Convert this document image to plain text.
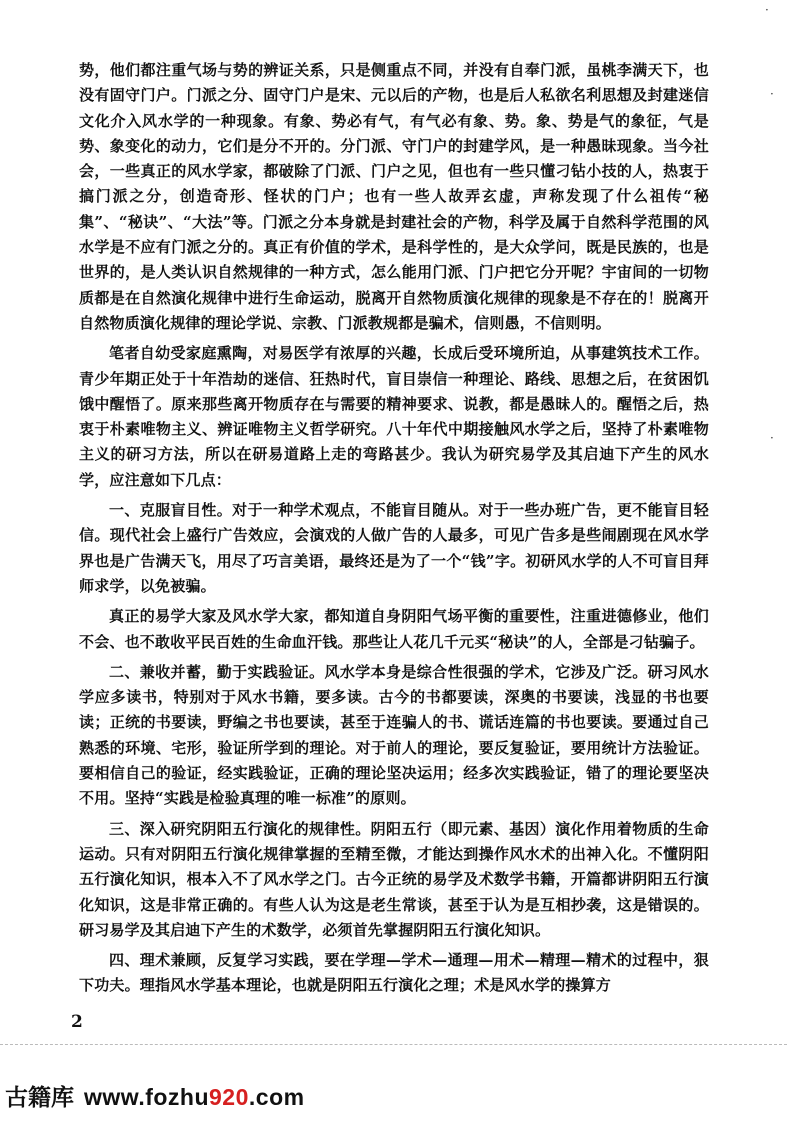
·
·
·

势，他们都注重气场与势的辨证关系，只是侧重点不同，并没有自奉门派，虽桃李满天下，也没有固守门户。门派之分、固守门户是宋、元以后的产物，也是后人私欲名利思想及封建迷信文化介入风水学的一种现象。有象、势必有气，有气必有象、势。象、势是气的象征，气是势、象变化的动力，它们是分不开的。分门派、守门户的封建学风，是一种愚昧现象。当今社会，一些真正的风水学家，都破除了门派、门户之见，但也有一些只懂刁钻小技的人，热衷于搞门派之分，创造奇形、怪状的门户；也有一些人故弄玄虚，声称发现了什么祖传“秘集”、“秘诀”、“大法”等。门派之分本身就是封建社会的产物，科学及属于自然科学范围的风水学是不应有门派之分的。真正有价值的学术，是科学性的，是大众学问，既是民族的，也是世界的，是人类认识自然规律的一种方式，怎么能用门派、门户把它分开呢？宇宙间的一切物质都是在自然演化规律中进行生命运动，脱离开自然物质演化规律的现象是不存在的！脱离开自然物质演化规律的理论学说、宗教、门派教规都是骗术，信则愚，不信则明。

笔者自幼受家庭熏陶，对易医学有浓厚的兴趣，长成后受环境所迫，从事建筑技术工作。青少年期正处于十年浩劫的迷信、狂热时代，盲目崇信一种理论、路线、思想之后，在贫困饥饿中醒悟了。原来那些离开物质存在与需要的精神要求、说教，都是愚昧人的。醒悟之后，热衷于朴素唯物主义、辨证唯物主义哲学研究。八十年代中期接触风水学之后，坚持了朴素唯物主义的研习方法，所以在研易道路上走的弯路甚少。我认为研究易学及其启迪下产生的风水学，应注意如下几点：

一、克服盲目性。对于一种学术观点，不能盲目随从。对于一些办班广告，更不能盲目轻信。现代社会上盛行广告效应，会演戏的人做广告的人最多，可见广告多是些闹剧现在风水学界也是广告满天飞，用尽了巧言美语，最终还是为了一个“钱”字。初研风水学的人不可盲目拜师求学，以免被骗。

真正的易学大家及风水学大家，都知道自身阴阳气场平衡的重要性，注重进德修业，他们不会、也不敢收平民百姓的生命血汗钱。那些让人花几千元买“秘诀”的人，全部是刁钻骗子。

二、兼收并蓄，勤于实践验证。风水学本身是综合性很强的学术，它涉及广泛。研习风水学应多读书，特别对于风水书籍，要多读。古今的书都要读，深奥的书要读，浅显的书也要读；正统的书要读，野编之书也要读，甚至于连骗人的书、谎话连篇的书也要读。要通过自己熟悉的环境、宅形，验证所学到的理论。对于前人的理论，要反复验证，要用统计方法验证。要相信自己的验证，经实践验证，正确的理论坚决运用；经多次实践验证，错了的理论要坚决不用。坚持“实践是检验真理的唯一标准”的原则。

三、深入研究阴阳五行演化的规律性。阴阳五行（即元素、基因）演化作用着物质的生命运动。只有对阴阳五行演化规律掌握的至精至微，才能达到操作风水术的出神入化。不懂阴阳五行演化知识，根本入不了风水学之门。古今正统的易学及术数学书籍，开篇都讲阴阳五行演化知识，这是非常正确的。有些人认为这是老生常谈，甚至于认为是互相抄袭，这是错误的。研习易学及其启迪下产生的术数学，必须首先掌握阴阳五行演化知识。

四、理术兼顾，反复学习实践，要在学理—学术—通理—用术—精理—精术的过程中，狠下功夫。理指风水学基本理论，也就是阴阳五行演化之理；术是风水学的操算方

2
古籍库 www.fozhu920.com
